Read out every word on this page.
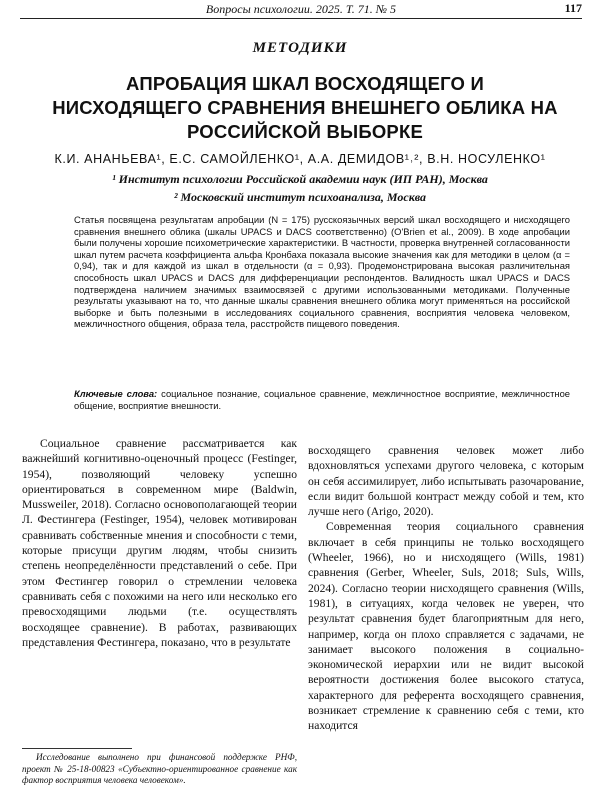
Вопросы психологии. 2025. Т. 71. № 5	117
МЕТОДИКИ
АПРОБАЦИЯ ШКАЛ ВОСХОДЯЩЕГО И НИСХОДЯЩЕГО СРАВНЕНИЯ ВНЕШНЕГО ОБЛИКА НА РОССИЙСКОЙ ВЫБОРКЕ
К.И. АНАНЬЕВА¹, Е.С. САМОЙЛЕНКО¹, А.А. ДЕМИДОВ¹˒², В.Н. НОСУЛЕНКО¹
¹ Институт психологии Российской академии наук (ИП РАН), Москва
² Московский институт психоанализа, Москва

Статья посвящена результатам апробации (N = 175) русскоязычных версий шкал восходящего и нисходящего сравнения внешнего облика (шкалы UPACS и DACS соответственно) (O'Brien et al., 2009). В ходе апробации были получены хорошие психометрические характеристики. В частности, проверка внутренней согласованности шкал путем расчета коэффициента альфа Кронбаха показала высокие значения как для методики в целом (α = 0,94), так и для каждой из шкал в отдельности (α = 0,93). Продемонстрирована высокая различительная способность шкал UPACS и DACS для дифференциации респондентов. Валидность шкал UPACS и DACS подтверждена наличием значимых взаимосвязей с другими использованными методиками. Полученные результаты указывают на то, что данные шкалы сравнения внешнего облика могут применяться на российской выборке и быть полезными в исследованиях социального сравнения, восприятия человека человеком, межличностного общения, образа тела, расстройств пищевого поведения.

Ключевые слова: социальное познание, социальное сравнение, межличностное восприятие, межличностное общение, восприятие внешности.

Социальное сравнение рассматривается как важнейший когнитивно-оценочный процесс (Festinger, 1954), позволяющий человеку успешно ориентироваться в современном мире (Baldwin, Mussweiler, 2018). Согласно основополагающей теории Л. Фестингера (Festinger, 1954), человек мотивирован сравнивать собственные мнения и способности с теми, которые присущи другим людям, чтобы снизить степень неопределённости представлений о себе. При этом Фестингер говорил о стремлении человека сравнивать себя с похожими на него или несколько его превосходящими людьми (т.е. осуществлять восходящее сравнение). В работах, развивающих представления Фестингера, показано, что в результате

восходящего сравнения человек может либо вдохновляться успехами другого человека, с которым он себя ассимилирует, либо испытывать разочарование, если видит большой контраст между собой и тем, кто лучше него (Arigo, 2020).

Современная теория социального сравнения включает в себя принципы не только восходящего (Wheeler, 1966), но и нисходящего (Wills, 1981) сравнения (Gerber, Wheeler, Suls, 2018; Suls, Wills, 2024). Согласно теории нисходящего сравнения (Wills, 1981), в ситуациях, когда человек не уверен, что результат сравнения будет благоприятным для него, например, когда он плохо справляется с задачами, не занимает высокого положения в социально-экономической иерархии или не видит высокой вероятности достижения более высокого статуса, характерного для референта восходящего сравнения, возникает стремление к сравнению себя с теми, кто находится

Исследование выполнено при финансовой поддержке РНФ, проект № 25-18-00823 «Субъектно-ориентированное сравнение как фактор восприятия человека человеком».
